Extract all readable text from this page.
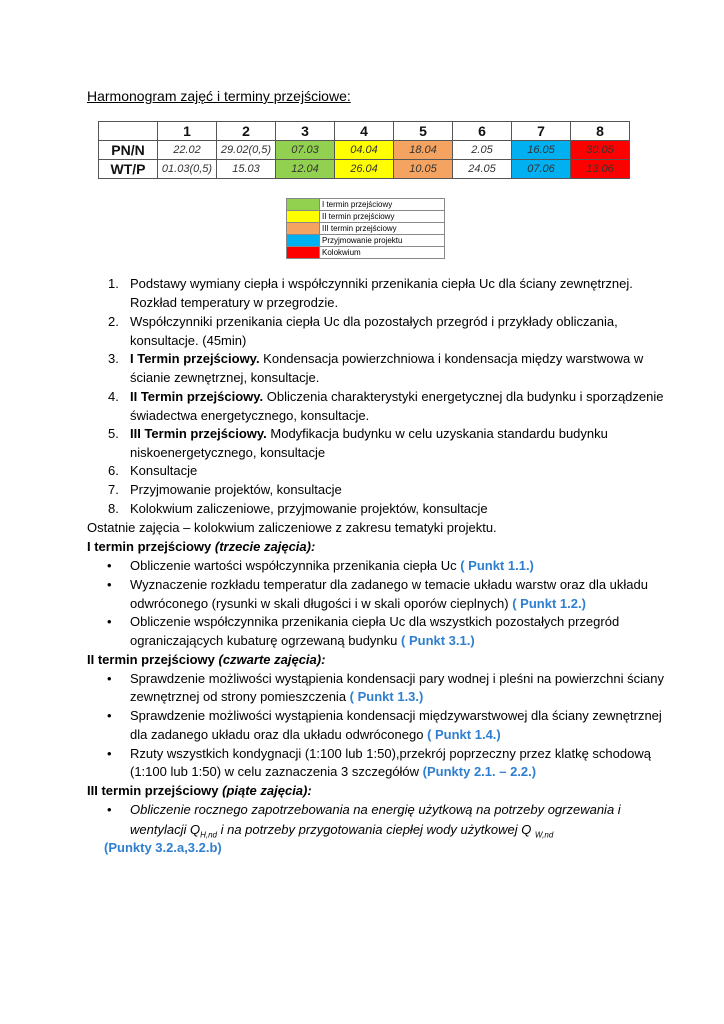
Harmonogram zajęć i terminy przejściowe:
	1	2	3	4	5	6	7	8
PN/N	22.02	29.02(0,5)	07.03	04.04	18.04	2.05	16.05	30.05
WT/P	01.03(0,5)	15.03	12.04	26.04	10.05	24.05	07.06	13.06
	I termin przejściowy
	II termin przejściowy
	III termin przejściowy
	Przyjmowanie projektu
	Kolokwium
1. Podstawy wymiany ciepła i współczynniki przenikania ciepła Uc dla ściany zewnętrznej.
Rozkład temperatury w przegrodzie.
2. Współczynniki przenikania ciepła Uc dla pozostałych przegród i przykłady obliczania,
konsultacje. (45min)
3. I Termin przejściowy. Kondensacja powierzchniowa i kondensacja między warstwowa w
ścianie zewnętrznej, konsultacje.
4. II Termin przejściowy. Obliczenia charakterystyki energetycznej dla budynku i sporządzenie
świadectwa energetycznego, konsultacje.
5. III Termin przejściowy. Modyfikacja budynku w celu uzyskania standardu budynku
niskoenergetycznego, konsultacje
6. Konsultacje
7. Przyjmowanie projektów, konsultacje
8. Kolokwium zaliczeniowe, przyjmowanie projektów, konsultacje
Ostatnie zajęcia – kolokwium zaliczeniowe z zakresu tematyki projektu.
I termin przejściowy (trzecie zajęcia):
• Obliczenie wartości współczynnika przenikania ciepła Uc ( Punkt 1.1.)
• Wyznaczenie rozkładu temperatur dla zadanego w temacie układu warstw oraz dla układu
odwróconego (rysunki w skali długości i w skali oporów cieplnych) ( Punkt 1.2.)
• Obliczenie współczynnika przenikania ciepła Uc dla wszystkich pozostałych przegród
ograniczających kubaturę ogrzewaną budynku ( Punkt 3.1.)
II termin przejściowy (czwarte zajęcia):
• Sprawdzenie możliwości wystąpienia kondensacji pary wodnej i pleśni na powierzchni ściany
zewnętrznej od strony pomieszczenia ( Punkt 1.3.)
• Sprawdzenie możliwości wystąpienia kondensacji międzywarstwowej dla ściany zewnętrznej
dla zadanego układu oraz dla układu odwróconego ( Punkt 1.4.)
• Rzuty wszystkich kondygnacji (1:100 lub 1:50),przekrój poprzeczny przez klatkę schodową
(1:100 lub 1:50) w celu zaznaczenia 3 szczegółów (Punkty 2.1. – 2.2.)
III termin przejściowy (piąte zajęcia):
• Obliczenie rocznego zapotrzebowania na energię użytkową na potrzeby ogrzewania i
wentylacji $Q_{H,nd}$ i na potrzeby przygotowania ciepłej wody użytkowej Q $_{W,nd}$
(Punkty 3.2.a,3.2.b)
